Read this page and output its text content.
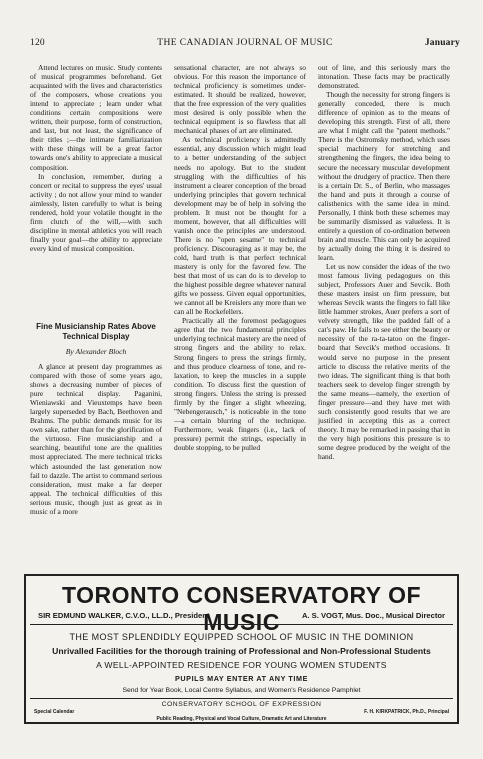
120	THE CANADIAN JOURNAL OF MUSIC	January

Attend lectures on music. Study contents of musical programmes beforehand. Get acquainted with the lives and characteristics of the composers, whose creations you intend to appreciate ; learn under what conditions certain compositions were written, their purpose, form of construction, and last, but not least, the significance of their titles ;—the intimate familiarization with these things will be a great factor towards one's ability to appreciate a musical composition.

In conclusion, remember, during a concert or recital to suppress the eyes' usual activity ; do not allow your mind to wander aimlessly, listen carefully to what is being rendered, hold your volatile thought in the firm clutch of the will,—with such discipline in mental athletics you will reach finally your goal—the ability to appreciate every kind of musical composition.

Fine Musicianship Rates Above Technical Display
By Alexander Bloch

A glance at present day programmes as compared with those of some years ago, shows a decreasing number of pieces of pure technical display. Paganini, Wieniawski and Vieuxtemps have been largely superseded by Bach, Beethoven and Brahms. The public demands music for its own sake, rather than for the glorification of the virtuoso. Fine musicianship and a searching, beautiful tone are the qualities most appreciated. The mere technical tricks which astounded the last generation now fail to dazzle. The artist to command serious consideration, must make a far deeper appeal. The technical difficulties of this serious music, though just as great as in music of a more

sensational character, are not always so obvious. For this reason the importance of technical proficiency is sometimes underestimated. It should be realized, however, that the free expression of the very qualities most desired is only possible when the technical equipment is so flawless that all mechanical phases of art are eliminated.

As technical proficiency is admittedly essential, any discussion which might lead to a better understanding of the subject needs no apology. But to the student struggling with the difficulties of his instrument a clearer conception of the broad underlying principles that govern technical development may be of help in solving the problem. It must not be thought for a moment, however, that all difficulties will vanish once the principles are understood. There is no "open sesame" to technical proficiency. Discouraging as it may be, the cold, hard truth is that perfect technical mastery is only for the favored few. The best that most of us can do is to develop to the highest possible degree whatever natural gifts we possess. Given equal opportunities, we cannot all be Kreislers any more than we can all be Rockefellers.

Practically all the foremost pedagogues agree that the two fundamental principles underlying technical mastery are the need of strong fingers and the ability to relax. Strong fingers to press the strings firmly, and thus produce clearness of tone, and relaxation, to keep the muscles in a supple condition. To discuss first the question of strong fingers. Unless the string is pressed firmly by the finger a slight wheezing, "Nebengerausch," is noticeable in the tone—a certain blurring of the technique. Furthermore, weak fingers (i.e., lack of pressure) permit the strings, especially in double stopping, to be pulled

out of line, and this seriously mars the intonation. These facts may be practically demonstrated.

Though the necessity for strong fingers is generally conceded, there is much difference of opinion as to the means of developing this strength. First of all, there are what I might call the "patent methods." There is the Ostromsky method, which uses special machinery for stretching and strengthening the fingers, the idea being to secure the necessary muscular development without the drudgery of practice. Then there is a certain Dr. S., of Berlin, who massages the hand and puts it through a course of calisthenics with the same idea in mind. Personally, I think both these schemes may be summarily dismissed as valueless. It is entirely a question of co-ordination between brain and muscle. This can only be acquired by actually doing the thing it is desired to learn.

Let us now consider the ideas of the two most famous living pedagogues on this subject, Professors Auer and Sevcik. Both these masters insist on firm pressure, but whereas Sevcik wants the fingers to fall like little hammer strokes, Auer prefers a sort of velvety strength, like the padded fall of a cat's paw. He fails to see either the beauty or necessity of the ra-ta-tatoo on the fingerboard that Sevcik's method occasions. It would serve no purpose in the present article to discuss the relative merits of the two ideas. The significant thing is that both teachers seek to develop finger strength by the same means—namely, the exertion of finger pressure—and they have met with such consistently good results that we are justified in accepting this as a correct theory. It may be remarked in passing that in the very high positions this pressure is to some degree produced by the weight of the hand.

TORONTO CONSERVATORY OF MUSIC
SIR EDMUND WALKER, C.V.O., LL.D., President	A. S. VOGT, Mus. Doc., Musical Director
THE MOST SPLENDIDLY EQUIPPED SCHOOL OF MUSIC IN THE DOMINION
Unrivalled Facilities for the thorough training of Professional and Non-Professional Students
A WELL-APPOINTED RESIDENCE FOR YOUNG WOMEN STUDENTS
PUPILS MAY ENTER AT ANY TIME
Send for Year Book, Local Centre Syllabus, and Women's Residence Pamphlet
CONSERVATORY SCHOOL OF EXPRESSION
Special Calendar	F. H. KIRKPATRICK, Ph.D., Principal
Public Reading, Physical and Vocal Culture, Dramatic Art and Literature
